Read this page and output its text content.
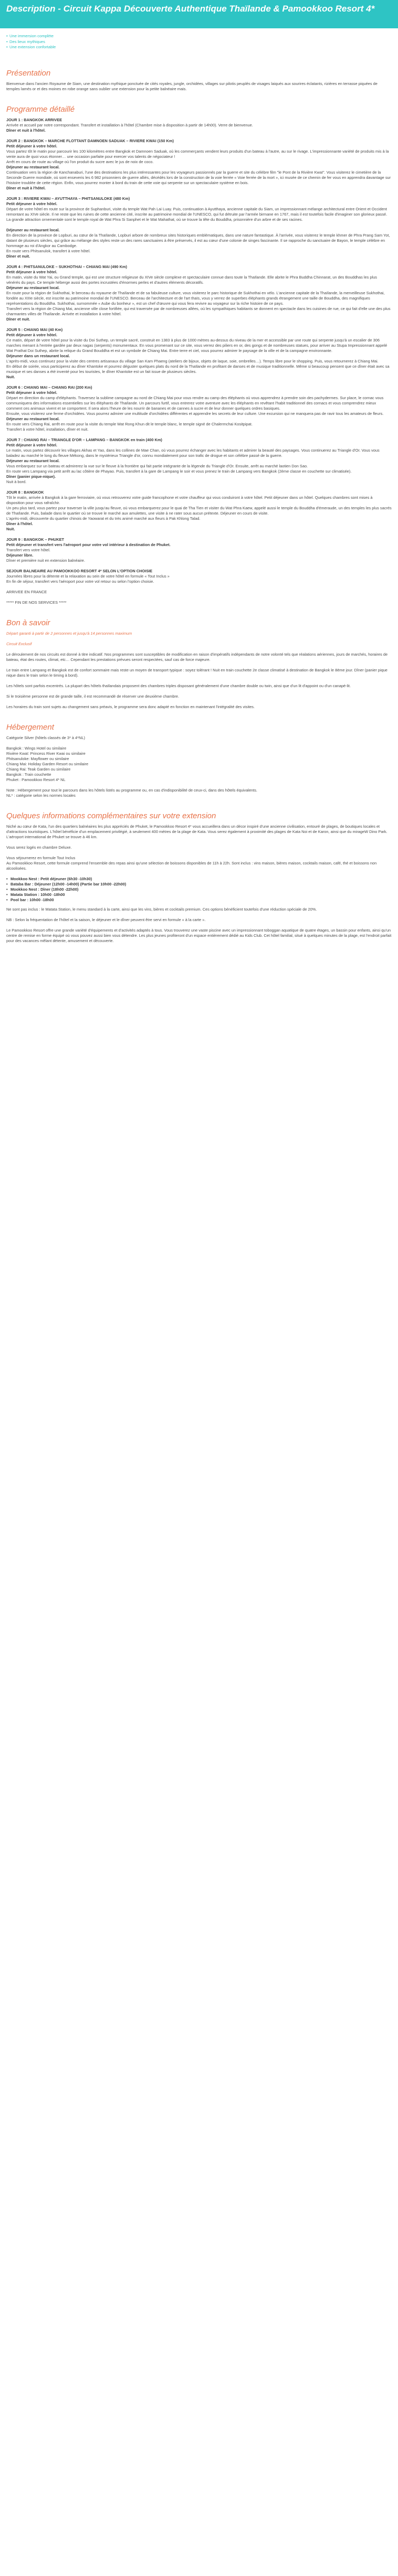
Description - Circuit Kappa Découverte Authentique Thaïlande & Pamookkoo Resort 4*
• Une immersion complète
• Des lieux mythiques
• Une extension confortable
Présentation

Bienvenue dans l'ancien Royaume de Siam, une destination mythique ponctuée de cités royales, jungle, orchidées, villages sur pilotis peuplés de visages laiqués aux sourires éclatants, rizières en terrasse piquées de temples lamés or et des moines en robe orange sans oublier une extension pour la petite balnéaire mais.

Programme détaillé

JOUR 1 : BANGKOK ARRIVEE

Arrivée et accueil par notre correspondant. Transfert et installation à l'hôtel (Chambre mise à disposition à partir de 14h00). Verre de bienvenue.

Dîner et nuit à l'hôtel.

JOUR 2 : BANGKOK – MARCHE FLOTTANT DAMNOEN SADUAK – RIVIERE KWAI (150 Km)

Petit déjeuner à votre hôtel.

Vous partez tôt le matin pour parcourir les 100 kilomètres entre Bangkok et Damnoen Saduak, où les commerçants vendent leurs produits d'un bateau à l'autre, au sur le rivage. L'impressionnante variété de produits mis à la vente aura de quoi vous étonner… une occasion parfaite pour exercer vos talents de négociateur !

Arrêt en cours de route au village où l'on produit du sucre avec le jus de noix de coco.

Déjeuner au restaurant local.

Continuation vers la région de Kanchanaburi, l'une des destinations les plus intéressantes pour les voyageurs passionnés par la guerre et site du célèbre film "le Pont de la Rivière Kwaï". Vous visiterez le cimetière de la Seconde Guerre mondiale, où sont enseveris les 6 982 prisonniers de guerre alliés, décédés lors de la construction de la voie ferrée « Voie ferrée de la mort », ici musée de ce chemin de fer vous en apprendra davantage sur l'histoire troublée de cette région. Enfin, vous pourrez monter à bord du train de cette voie qui serpente sur un spectaculaire système en bois.

Dîner et nuit à l'hôtel.

JOUR 3 : RIVIERE KWAI – AYUTTHAYA – PHITSANULOKE (480 Km)

Petit déjeuner à votre hôtel.

Départ de votre hôtel en route sur la province de Suphanburi, visite du temple Wat Pah Lai Luay. Puis, continuation à Ayutthaya, ancienne capitale du Siam, un impressionnant mélange architectural entre Orient et Occident remontant au XIVe siècle. Il ne reste que les ruines de cette ancienne cité, inscrite au patrimoine mondial de l'UNESCO, qui fut détruite par l'armée birmane en 1767, mais il est toutefois facile d'imaginer son glorieux passé. La grande attraction ornementale sont le temple royal de Wat Phra Si Sanphet et le Wat Mahathat, où se trouve la tête du Bouddha, prisonnière d'un arbre et de ses racines.

Déjeuner au restaurant local.

En direction de la province de Lopburi, au cœur de la Thaïlande, Lopburi arbore de nombreux sites historiques emblématiques, dans une nature fantastique. À l'arrivée, vous visiterez le temple khmer de Phra Prang Sam Yot, datant de plusieurs siècles, qui grâce au mélange des styles reste un des rares sanctuaires à être préservés, il est au cœur d'une colonie de singes fascinante. Il se rapproche du sanctuaire de Bayon, le temple célèbre en hommage au roi d'Angkor au Cambodge.

En route vers Phitsanulok, transfert à votre hôtel.

Dîner et nuit.

JOUR 4 : PHITSANULOKE – SUKHOTHAI – CHIANG MAI (490 Km)

Petit déjeuner à votre hôtel.

En matin, visite du Wat Yai, ou Grand temple, qui est une structure religieuse du XIVe siècle complexe et spectaculaire connue dans toute la Thaïlande. Elle abrite le Phra Buddha Chinnarat, un des Bouddhas les plus vénérés du pays. Ce temple héberge aussi des portes incrustées d'énormes perles et d'autres éléments décoratifs.

Déjeuner au restaurant local.

En route pour la région de Sukhothai, le berceau du royaume de Thaïlande et de sa fabuleuse culture, vous visiterez le parc historique de Sukhothai en vélo. L'ancienne capitale de la Thaïlande, la merveilleuse Sukhothai, fondée au XIIIe siècle, est inscrite au patrimoine mondial de l'UNESCO. Berceau de l'architecture et de l'art thaïs, vous y verrez de superbes éléphants grands étrangement une taille de Bouddha, des magnifiques représentations du Bouddha. Sukhothai, surnommée « Aube du bonheur », est un chef d'œuvre qui vous fera revivre au voyageur sur la riche histoire de ce pays.

Transfert vers la région de Chiang Mai, ancienne ville close fortifiée, qui est traversée par de nombreuses allées, où les sympathiques habitants se donnent en spectacle dans les cuisines de rue, ce qui fait d'elle une des plus charmantes villes de Thaïlande. Arrivée et installation à votre hôtel.

Dîner et nuit.

JOUR 5 : CHIANG MAI (40 Km)

Petit déjeuner à votre hôtel.

Ce matin, départ de votre hôtel pour la visite du Doi Suthep, un temple sacré, construit en 1383 à plus de 1000 mètres au-dessus du niveau de la mer et accessible par une route qui serpente jusqu'à un escalier de 306 marches menant à l'entrée gardée par deux nagas (serpents) monumentaux. En vous promenant sur ce site, vous verrez des piliers en or, des gongs et de nombreuses statues, pour arriver au Stupa Impressionnant appelé Wat Prathat Doi Suthep, abrite la relique du Grand Bouddha et est un symbole de Chiang Mai. Entre terre et ciel, vous pourrez admirer le paysage de la ville et de la campagne environnante.

Déjeuner dans un restaurant local.

L'après-midi, vous continuez pour la visite des centres artisanaux du village San Kam Phaeng (ateliers de bijoux, objets de laque, soie, ombrelles…). Temps libre pour le shopping. Puis, vous retournerez à Chiang Mai.

En début de soirée, vous participerez au dîner Khantoke et pourrez déguster quelques plats du nord de la Thaïlande en profitant de danses et de musique traditionnelle. Même si beaucoup pensent que ce dîner était avec sa musique et ses danses a été inventé pour les touristes, le dîner Khantoke est un fait issue de plusieurs siècles.

Nuit.

JOUR 6 : CHIANG MAI – CHIANG RAI (200 Km)

Petit déjeuner à votre hôtel.

Départ en direction du camp d'éléphants. Traversez la sublime campagne au nord de Chiang Mai pour vous rendre au camp des éléphants où vous apprendrez à prendre soin des pachydermes. Sur place, le cornac vous communiquera des informations essentielles sur les éléphants de Thaïlande. Un parcours furtif, vous entrerez votre aventure avec les éléphants en revêtant l'habit traditionnel des cornacs et vous comprendrez mieux comment ces animaux vivent et se comportent. Il sera alors l'heure de les nourrir de bananes et de cannes à sucre et de leur donner quelques ordres basiques.

Ensuite, vous visiterez une ferme d'orchidées. Vous pourrez admirer une multitude d'orchidées différentes et apprendre les secrets de leur culture. Une excursion qui ne manquera pas de ravir tous les amateurs de fleurs.

Déjeuner au restaurant local.

En route vers Chiang Rai, arrêt en route pour la visite du temple Wat Rong Khun dit le temple blanc, le temple signé de Chalermchai Kositpipat.

Transfert à votre hôtel, installation, dîner et nuit.

JOUR 7 : CHIANG RAI – TRIANGLE D'OR – LAMPANG – BANGKOK en train (400 Km)

Petit déjeuner à votre hôtel.

Le matin, vous partez découvrir les villages Akhas et Yao, dans les collines de Mae Chan, où vous pourrez échanger avec les habitants et admirer la beauté des paysages. Vous continuerez au Triangle d'Or. Vous vous baladez au marché le long du fleuve Mékong, dans le mystérieux Triangle d'or, connu mondialement pour son trafic de drogue et son célèbre passé de la guerre.

Déjeuner au restaurant local.

Vous embarquez sur un bateau et admirerez la vue sur le fleuve à la frontière qui fait partie intégrante de la légende du Triangle d'Or. Ensuite, arrêt au marché laotien Don Sao.

En route vers Lampang via petit arrêt au lac côtière de Phayao. Puis, transfert à la gare de Lampang le soir et vous prenez le train de Lampang vers Bangkok (2ème classe en couchette sur climatisée).

Dîner (panier pique-nique).

Nuit à bord.

JOUR 8 : BANGKOK

Tôt le matin, arrivée à Bangkok à la gare ferroviaire, où vous retrouverez votre guide francophone et votre chauffeur qui vous conduiront à votre hôtel. Petit déjeuner dans un hôtel. Quelques chambres sont mises à disposition pour vous rafraîchir.

Un peu plus tard, vous partez pour traverser la ville jusqu'au fleuve, où vous embarquerez pour le quai de Tha Tien et visiter du Wat Phra Kaew, appelé aussi le temple du Bouddha d'émeraude, un des temples les plus sacrés de Thaïlande. Puis, balade dans le quartier où se trouve le marché aux amulettes, une visite à ne rater sous aucun prétexte. Déjeuner en cours de visite.

L'après-midi, découverte du quartier chinois de Yaowarat et du très animé marché aux fleurs à Pak Khlong Talad.

Dîner à l'hôtel.

Nuit.

JOUR 9 : BANGKOK – PHUKET

Petit déjeuner et transfert vers l'aéroport pour votre vol intérieur à destination de Phuket.

Transfert vers votre hôtel.

Déjeuner libre.

Dîner et première nuit en extension balnéaire.

SEJOUR BALNEAIRE AU PAMOOKKOO RESORT 4* SELON L'OPTION CHOISIE

Journées libres pour la détente et la relaxation au sein de votre hôtel en formule « Tout Inclus »

En fin de séjour, transfert vers l'aéroport pour votre vol retour ou selon l'option choisie.

ARRIVEE EN FRANCE

***** FIN DE NOS SERVICES *****

Bon à savoir

Départ garanti à partir de 2 personnes et jusqu'à 14 personnes maximum

Circuit Exclusif

Le déroulement de nos circuits est donné à titre indicatif. Nos programmes sont susceptibles de modification en raison d'impératifs indépendants de notre volonté tels que réalations aériennes, jours de marchés, horaires de bateau, état des routes, climat, etc… Cependant les prestations prévues seront respectées, sauf cas de force majeure.

Le train entre Lampang et Bangkok est de confort sommaire mais reste un moyen de transport typique : soyez tolérant ! Nuit en train couchette 2e classe climatisé à destination de Bangkok le 8ème jour. Dîner (panier pique nique dans le train selon le timing à bord).

Les hôtels sont parfois excentrés. La plupart des hôtels thaïlandais proposent des chambres triples disposant généralement d'une chambre double ou twin, ainsi que d'un lit d'appoint ou d'un canapé-lit.

Si le troisième personne est de grande taille, il est recommandé de réserver une deuxième chambre.

Les horaires du train sont sujets au changement sans préavis, le programme sera donc adapté en fonction en maintenant l'intégralité des visites.

Hébergement

Catégorie Silver (hôtels classés de 3* à 4*NL)

Bangkok : Wings Hotel ou similaire

Rivière Kwaï: Princess River Kwai ou similaire

Phitsanuloke: Mayflower ou similaire

Chiang Mai: Holiday Garden Resort ou similaire

Chiang Rai: Teak Garden ou similaire

Bangkok : Train couchette

Phuket : Pamookkoo Resort 4* NL

Note : Hébergement pour tout le parcours dans les hôtels listés au programme ou, en cas d'indisponibilité de ceux-ci, dans des hôtels équivalents.

NL* : catégorie selon les normes locales

Quelques informations complémentaires sur votre extension

Niché au cœur de Kata, l'un des quartiers balnéaires les plus appréciés de Phuket, le Pamookkoo Resort 4* vous accueillera dans un décor inspiré d'une ancienne civilisation, entouré de plages, de boutiques locales et d'attractions touristiques. L'hôtel bénéficie d'un emplacement privilégié, à seulement 400 mètres de la plage de Kata. Vous serez également à proximité des plages de Kata Noi et de Karon, ainsi que du mirageW Dino Park. L'aéroport international de Phuket se trouve à 46 km.

Vous serez logés en chambre Deluxe.

Vous séjournerez en formule Tout Inclus

Au Pamookkoo Resort, cette formule comprend l'ensemble des repas ainsi qu'une sélection de boissons disponibles de 11h à 22h. Sont inclus : vins maison, bières maison, cocktails maison, café, thé et boissons non alcoolisées.

• Mookkoo Nest : Petit déjeuner (6h30 -10h30)
• Bataba Bar : Déjeuner (12h00 -14h00) (Partie bar 10h00 -22h00)
• Mookkoo Nest : Dîner (18h00 -22h00)
• Matata Station : 10h00 -18h00
• Pool bar : 10h00 -18h00

Ne sont pas inclus : le Matata Station, le menu standard à la carte, ainsi que les vins, bières et cocktails premium. Ces options bénéficient toutefois d'une réduction spéciale de 20%.

NB : Selon la fréquentation de l'hôtel et la saison, le déjeuner et le dîner peuvent être servi en formule « à la carte ».

Le Pamookkoo Resort offre une grande variété d'équipements et d'activités adaptés à tous. Vous trouverez une vaste piscine avec un impressionnant toboggan aquatique de quatre étages, un bassin pour enfants, ainsi qu'un centre de remise en forme équipé où vous pouvez aussi bien vous détendre. Les plus jeunes profiteront d'un espace entièrement dédié au Kids Club. Cet hôtel familial, situé à quelques minutes de la plage, est l'endroit parfait pour des vacances mêlant détente, amusement et découverte.
